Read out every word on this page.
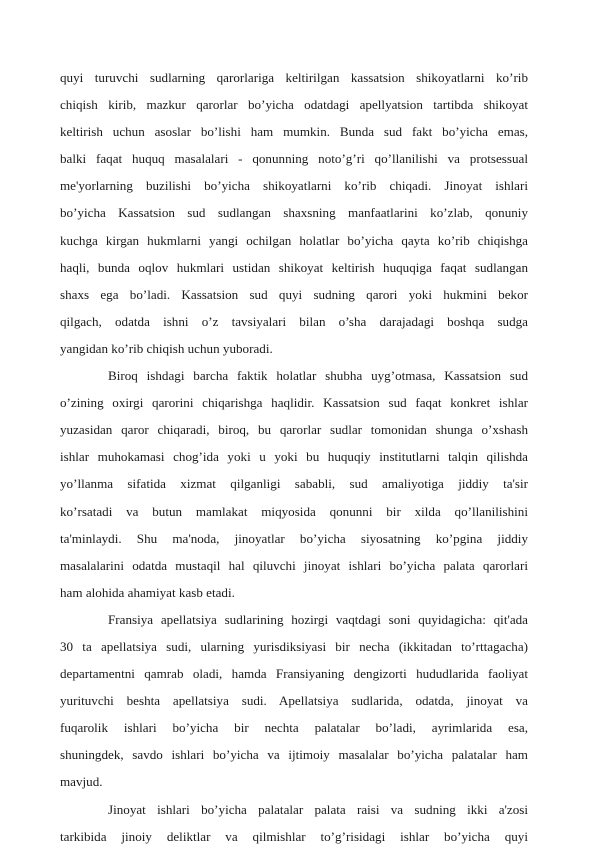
quyi turuvchi sudlarning qarorlariga keltirilgan kassatsion shikoyatlarni ko’rib
chiqish kirib, mazkur qarorlar bo’yicha odatdagi apellyatsion tartibda shikoyat
keltirish uchun asoslar bo’lishi ham mumkin. Bunda sud fakt bo’yicha emas,
balki faqat huquq masalalari - qonunning noto’g’ri qo’llanilishi va protsessual
me'yorlarning buzilishi bo’yicha shikoyatlarni ko’rib chiqadi. Jinoyat ishlari
bo’yicha Kassatsion sud sudlangan shaxsning manfaatlarini ko’zlab, qonuniy
kuchga kirgan hukmlarni yangi ochilgan holatlar bo’yicha qayta ko’rib chiqishga
haqli, bunda oqlov hukmlari ustidan shikoyat keltirish huquqiga faqat sudlangan
shaxs ega bo’ladi. Kassatsion sud quyi sudning qarori yoki hukmini bekor
qilgach, odatda ishni o’z tavsiyalari bilan o’sha darajadagi boshqa sudga
yangidan ko’rib chiqish uchun yuboradi.
Biroq ishdagi barcha faktik holatlar shubha uyg’otmasa, Kassatsion sud
o’zining oxirgi qarorini chiqarishga haqlidir. Kassatsion sud faqat konkret ishlar
yuzasidan qaror chiqaradi, biroq, bu qarorlar sudlar tomonidan shunga o’xshash
ishlar muhokamasi chog’ida yoki u yoki bu huquqiy institutlarni talqin qilishda
yo’llanma sifatida xizmat qilganligi sababli, sud amaliyotiga jiddiy ta'sir
ko’rsatadi va butun mamlakat miqyosida qonunni bir xilda qo’llanilishini
ta'minlaydi. Shu ma'noda, jinoyatlar bo’yicha siyosatning ko’pgina jiddiy
masalalarini odatda mustaqil hal qiluvchi jinoyat ishlari bo’yicha palata qarorlari
ham alohida ahamiyat kasb etadi.
Fransiya apellatsiya sudlarining hozirgi vaqtdagi soni quyidagicha: qit'ada
30 ta apellatsiya sudi, ularning yurisdiksiyasi bir necha (ikkitadan to’rttagacha)
departamentni qamrab oladi, hamda Fransiyaning dengizorti hududlarida faoliyat
yurituvchi beshta apellatsiya sudi. Apellatsiya sudlarida, odatda, jinoyat va
fuqarolik ishlari bo’yicha bir nechta palatalar bo’ladi, ayrimlarida esa,
shuningdek, savdo ishlari bo’yicha va ijtimoiy masalalar bo’yicha palatalar ham
mavjud.
Jinoyat ishlari bo’yicha palatalar palata raisi va sudning ikki a'zosi
tarkibida jinoiy deliktlar va qilmishlar to’g’risidagi ishlar bo’yicha quyi
